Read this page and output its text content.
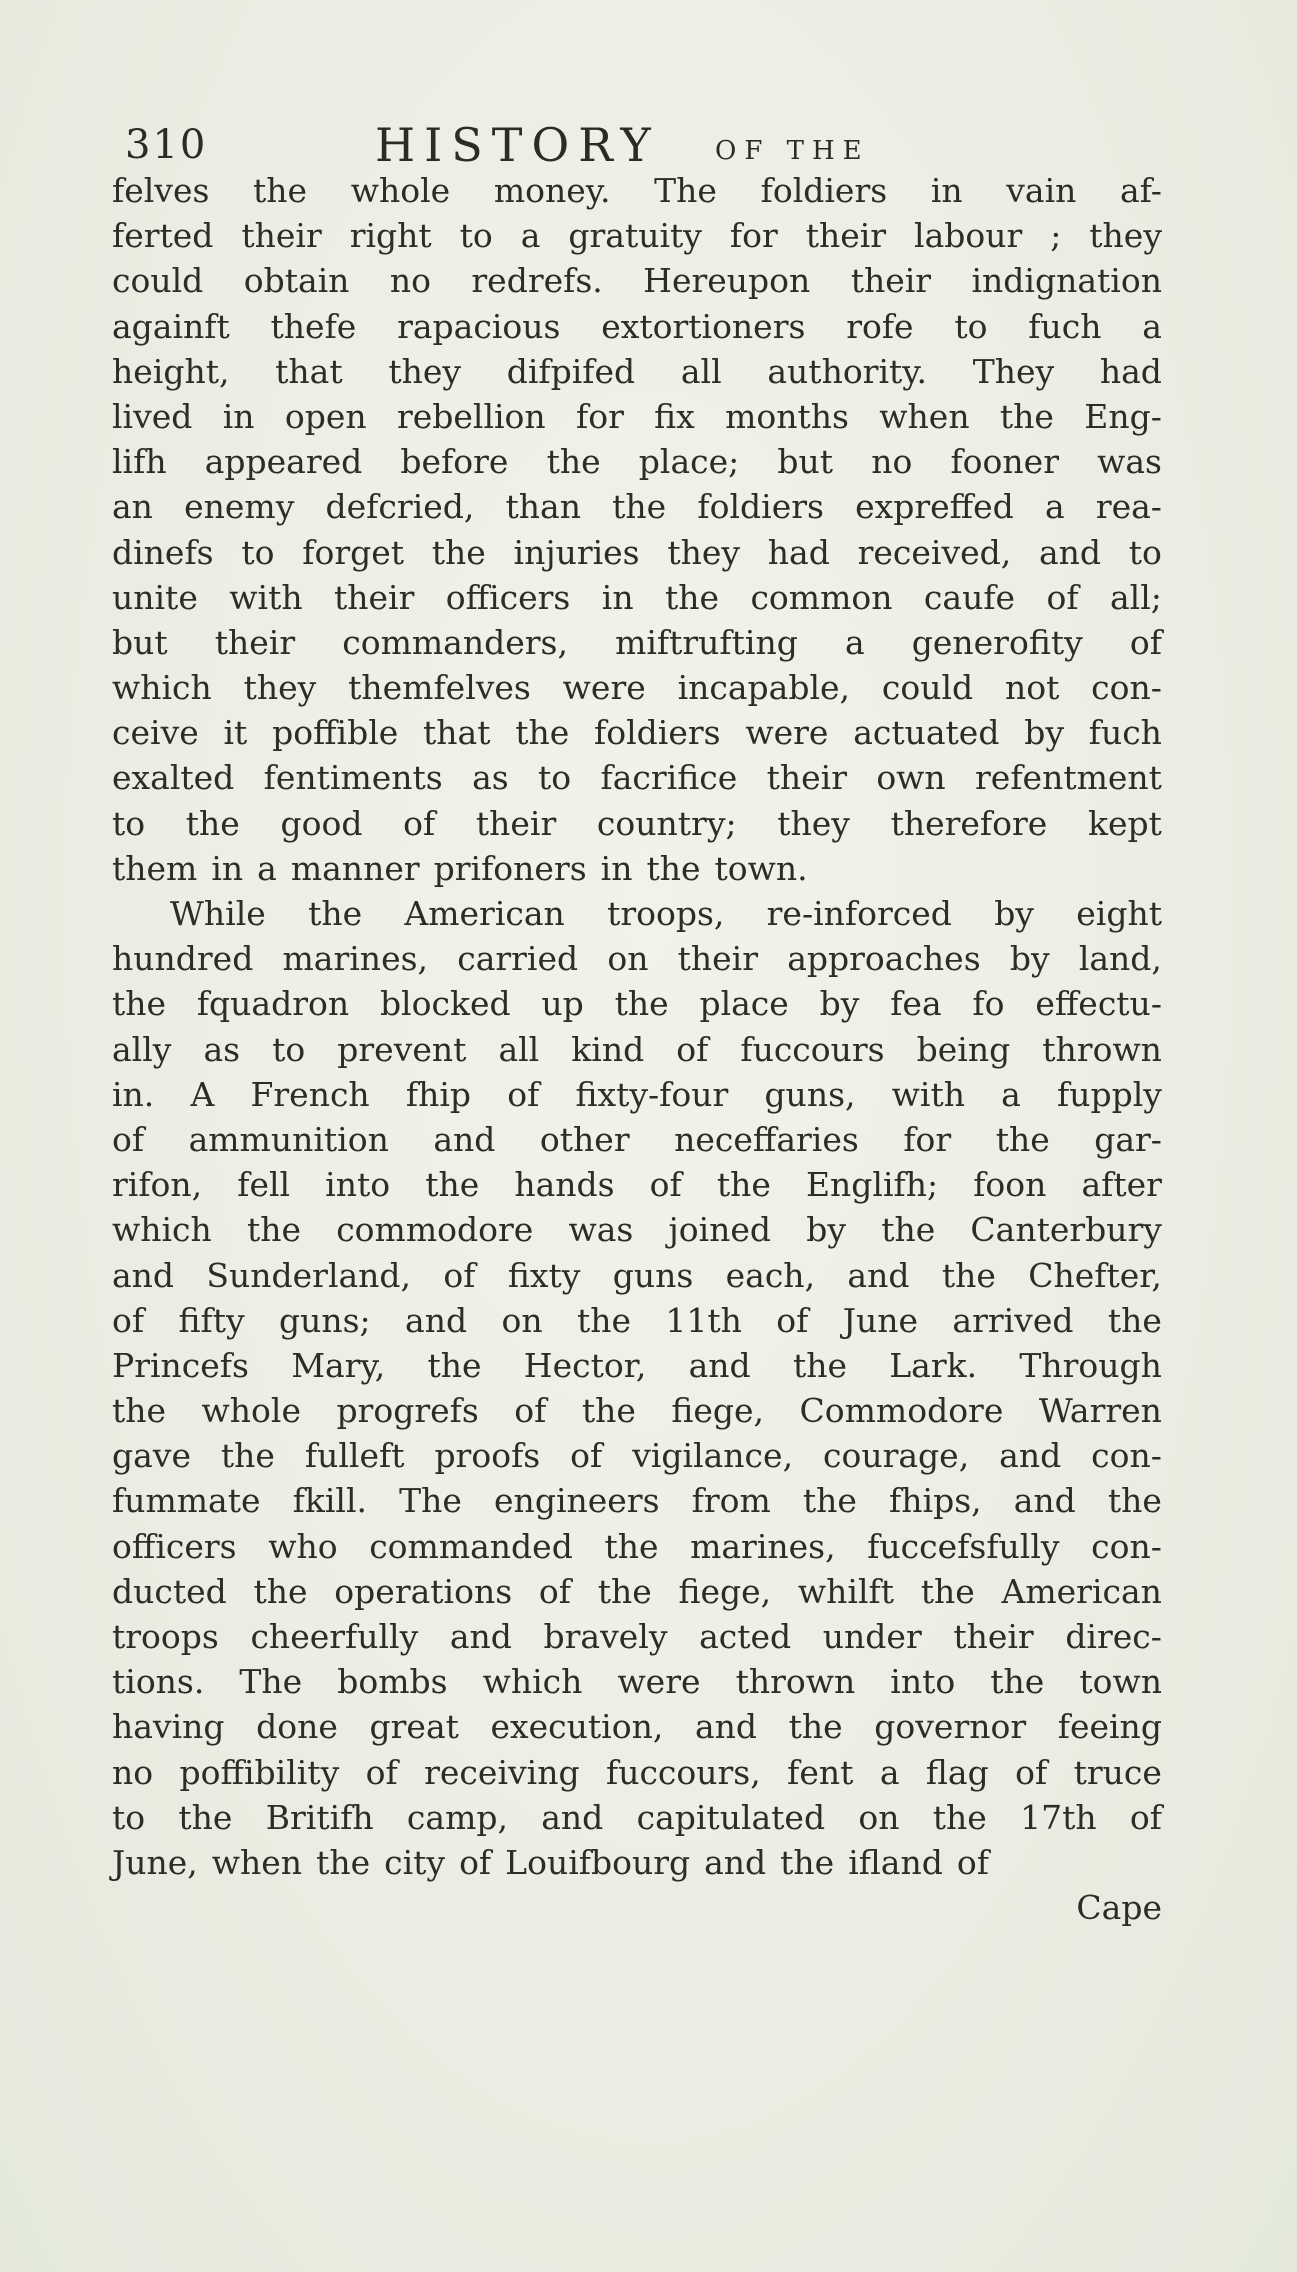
310	HISTORY OF THE
felves the whole money. The foldiers in vain af-
ferted their right to a gratuity for their labour ; they
could obtain no redrefs. Hereupon their indignation
againft thefe rapacious extortioners rofe to fuch a
height, that they difpifed all authority. They had
lived in open rebellion for fix months when the Eng-
lifh appeared before the place; but no fooner was
an enemy defcried, than the foldiers expreffed a rea-
dinefs to forget the injuries they had received, and to
unite with their officers in the common caufe of all;
but their commanders, miftrufting a generofity of
which they themfelves were incapable, could not con-
ceive it poffible that the foldiers were actuated by fuch
exalted fentiments as to facrifice their own refentment
to the good of their country; they therefore kept
them in a manner prifoners in the town.
While the American troops, re-inforced by eight
hundred marines, carried on their approaches by land,
the fquadron blocked up the place by fea fo effectu-
ally as to prevent all kind of fuccours being thrown
in. A French fhip of fixty-four guns, with a fupply
of ammunition and other neceffaries for the gar-
rifon, fell into the hands of the Englifh; foon after
which the commodore was joined by the Canterbury
and Sunderland, of fixty guns each, and the Chefter,
of fifty guns; and on the 11th of June arrived the
Princefs Mary, the Hector, and the Lark. Through
the whole progrefs of the fiege, Commodore Warren
gave the fulleft proofs of vigilance, courage, and con-
fummate fkill. The engineers from the fhips, and the
officers who commanded the marines, fuccefsfully con-
ducted the operations of the fiege, whilft the American
troops cheerfully and bravely acted under their direc-
tions. The bombs which were thrown into the town
having done great execution, and the governor feeing
no poffibility of receiving fuccours, fent a flag of truce
to the Britifh camp, and capitulated on the 17th of
June, when the city of Louifbourg and the ifland of
Cape
